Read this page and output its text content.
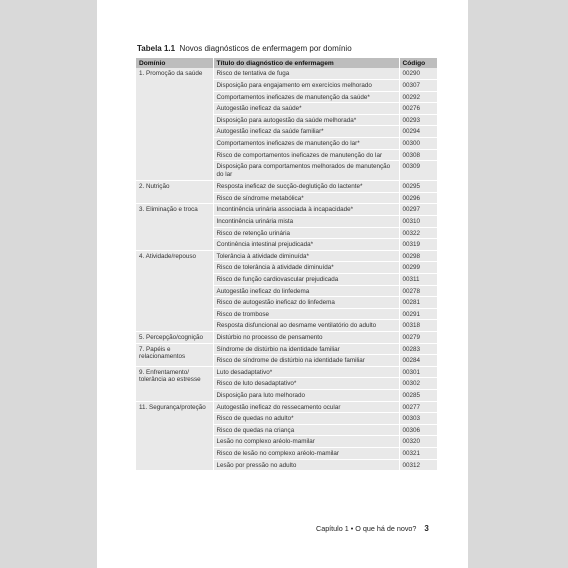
Tabela 1.1 Novos diagnósticos de enfermagem por domínio
Domínio	Título do diagnóstico de enfermagem	Código
1. Promoção da saúde	Risco de tentativa de fuga	00290
	Disposição para engajamento em exercícios melhorado	00307
	Comportamentos ineficazes de manutenção da saúde*	00292
	Autogestão ineficaz da saúde*	00276
	Disposição para autogestão da saúde melhorada*	00293
	Autogestão ineficaz da saúde familiar*	00294
	Comportamentos ineficazes de manutenção do lar*	00300
	Risco de comportamentos ineficazes de manutenção do lar	00308
	Disposição para comportamentos melhorados de manutenção do lar	00309
2. Nutrição	Resposta ineficaz de sucção-deglutição do lactente*	00295
	Risco de síndrome metabólica*	00296
3. Eliminação e troca	Incontinência urinária associada à incapacidade*	00297
	Incontinência urinária mista	00310
	Risco de retenção urinária	00322
	Continência intestinal prejudicada*	00319
4. Atividade/repouso	Tolerância à atividade diminuída*	00298
	Risco de tolerância à atividade diminuída*	00299
	Risco de função cardiovascular prejudicada	00311
	Autogestão ineficaz do linfedema	00278
	Risco de autogestão ineficaz do linfedema	00281
	Risco de trombose	00291
	Resposta disfuncional ao desmame ventilatório do adulto	00318
5. Percepção/cognição	Distúrbio no processo de pensamento	00279
7. Papéis e relacionamentos	Síndrome de distúrbio na identidade familiar	00283
	Risco de síndrome de distúrbio na identidade familiar	00284
9. Enfrentamento/ tolerância ao estresse	Luto desadaptativo*	00301
	Risco de luto desadaptativo*	00302
	Disposição para luto melhorado	00285
11. Segurança/proteção	Autogestão ineficaz do ressecamento ocular	00277
	Risco de quedas no adulto*	00303
	Risco de quedas na criança	00306
	Lesão no complexo aréolo-mamilar	00320
	Risco de lesão no complexo aréolo-mamilar	00321
	Lesão por pressão no adulto	00312
Capítulo 1 • O que há de novo? 3
